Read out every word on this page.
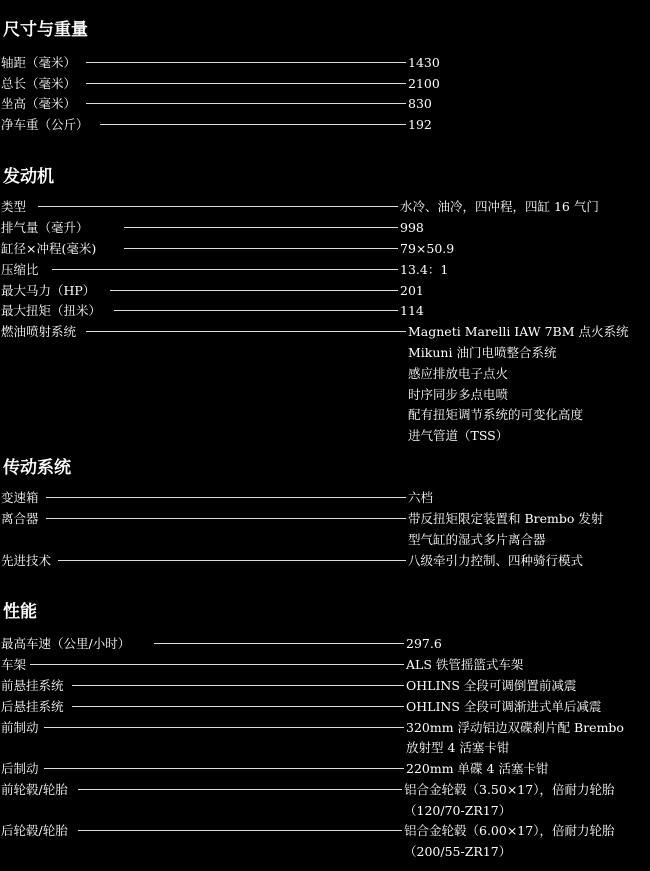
尺寸与重量
轴距（毫米）	1430
总长（毫米）	2100
坐高（毫米）	830
净车重（公斤）	192
发动机
类型	水冷、油冷，四冲程，四缸 16 气门
排气量（毫升）	998
缸径×冲程(毫米)	79×50.9
压缩比	13.4：1
最大马力（HP）	201
最大扭矩（扭米）	114
燃油喷射系统	Magneti Marelli IAW 7BM 点火系统
Mikuni 油门电喷整合系统
感应排放电子点火
时序同步多点电喷
配有扭矩调节系统的可变化高度
进气管道（TSS）
传动系统
变速箱	六档
离合器	带反扭矩限定装置和 Brembo 发射
型气缸的湿式多片离合器
先进技术	八级牵引力控制、四种骑行模式
性能
最高车速（公里/小时）	297.6
车架	ALS 铁管摇篮式车架
前悬挂系统	OHLINS 全段可调倒置前减震
后悬挂系统	OHLINS 全段可调渐进式单后减震
前制动	320mm 浮动铝边双碟刹片配 Brembo
放射型 4 活塞卡钳
后制动	220mm 单碟 4 活塞卡钳
前轮毂/轮胎	铝合金轮毂（3.50×17），倍耐力轮胎
（120/70-ZR17）
后轮毂/轮胎	铝合金轮毂（6.00×17），倍耐力轮胎
（200/55-ZR17）
